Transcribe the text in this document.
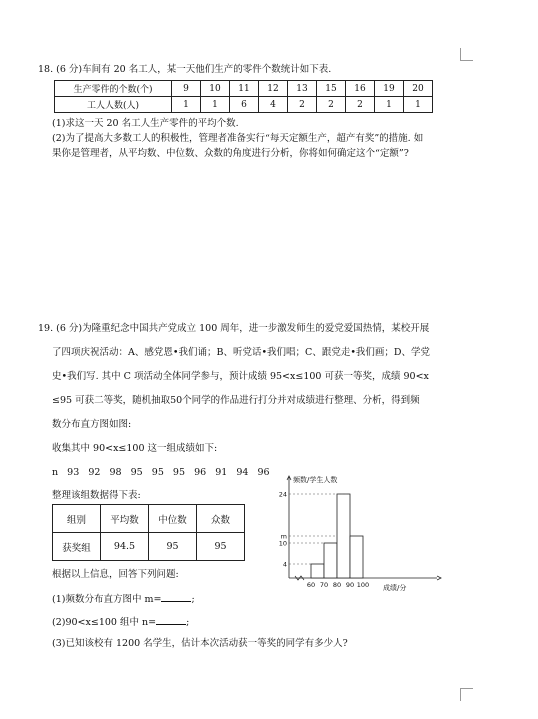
18. (6 分)车间有 20 名工人，某一天他们生产的零件个数统计如下表.
生产零件的个数(个)	9	10	11	12	13	15	16	19	20
工人人数(人)	1	1	6	4	2	2	2	1	1
(1)求这一天 20 名工人生产零件的平均个数.
(2)为了提高大多数工人的积极性，管理者准备实行“每天定额生产，超产有奖”的措施. 如
果你是管理者，从平均数、中位数、众数的角度进行分析，你将如何确定这个“定额”?
19. (6 分)为隆重纪念中国共产党成立 100 周年，进一步激发师生的爱党爱国热情，某校开展
了四项庆祝活动：A、感党恩•我们诵；B、听党话•我们唱；C、跟党走•我们画；D、学党
史•我们写. 其中 C 项活动全体同学参与，预计成绩 95<x≤100 可获一等奖，成绩 90<x
≤95 可获二等奖，随机抽取50个同学的作品进行打分并对成绩进行整理、分析，得到频
数分布直方图如图:
收集其中 90<x≤100 这一组成绩如下:
n   93   92   98   95   95   95   96   91   94   96
整理该组数据得下表:
组别	平均数	中位数	众数
获奖组	94.5	95	95
根据以上信息，回答下列问题:
(1)频数分布直方图中 m=	;
(2)90<x≤100 组中 n=	;
(3)已知该校有 1200 名学生，估计本次活动获一等奖的同学有多少人?
频数/学生人数
4
10
m
24
60 70 80 90 100 成绩/分
